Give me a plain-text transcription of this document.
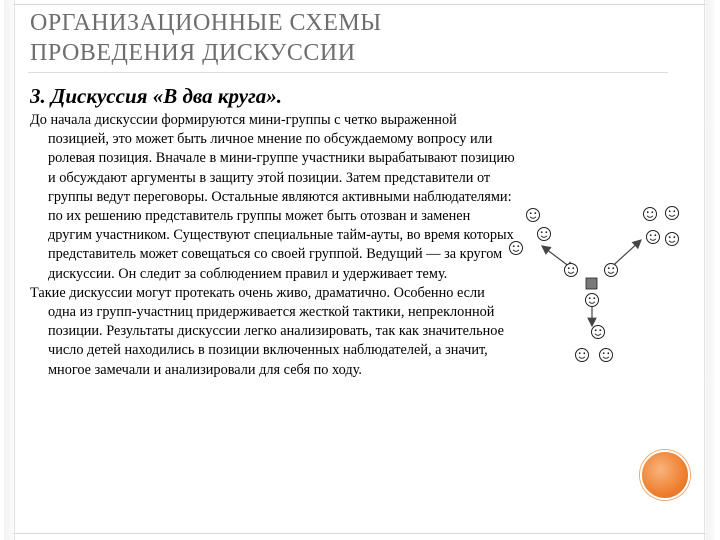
ОРГАНИЗАЦИОННЫЕ СХЕМЫ
ПРОВЕДЕНИЯ ДИСКУССИИ
3. Дискуссия «В два круга».

До начала дискуссии формируются мини-группы с четко выраженной позицией, это может быть личное мнение по обсуждаемому вопросу или ролевая позиция. Вначале в мини-группе участники вырабатывают позицию и обсуждают аргументы в защиту этой позиции. Затем представители от группы ведут переговоры. Остальные являются активными наблюдателями: по их решению представитель группы может быть отозван и заменен другим участником. Существуют специальные тайм-ауты, во время которых представитель может совещаться со своей группой. Ведущий — за кругом дискуссии. Он следит за соблюдением правил и удерживает тему.

Такие дискуссии могут протекать очень живо, драматично. Особенно если одна из групп-участниц придерживается жесткой тактики, непреклонной позиции. Результаты дискуссии легко анализировать, так как значительное число детей находились в позиции включенных наблюдателей, а значит, многое замечали и анализировали для себя по ходу.
